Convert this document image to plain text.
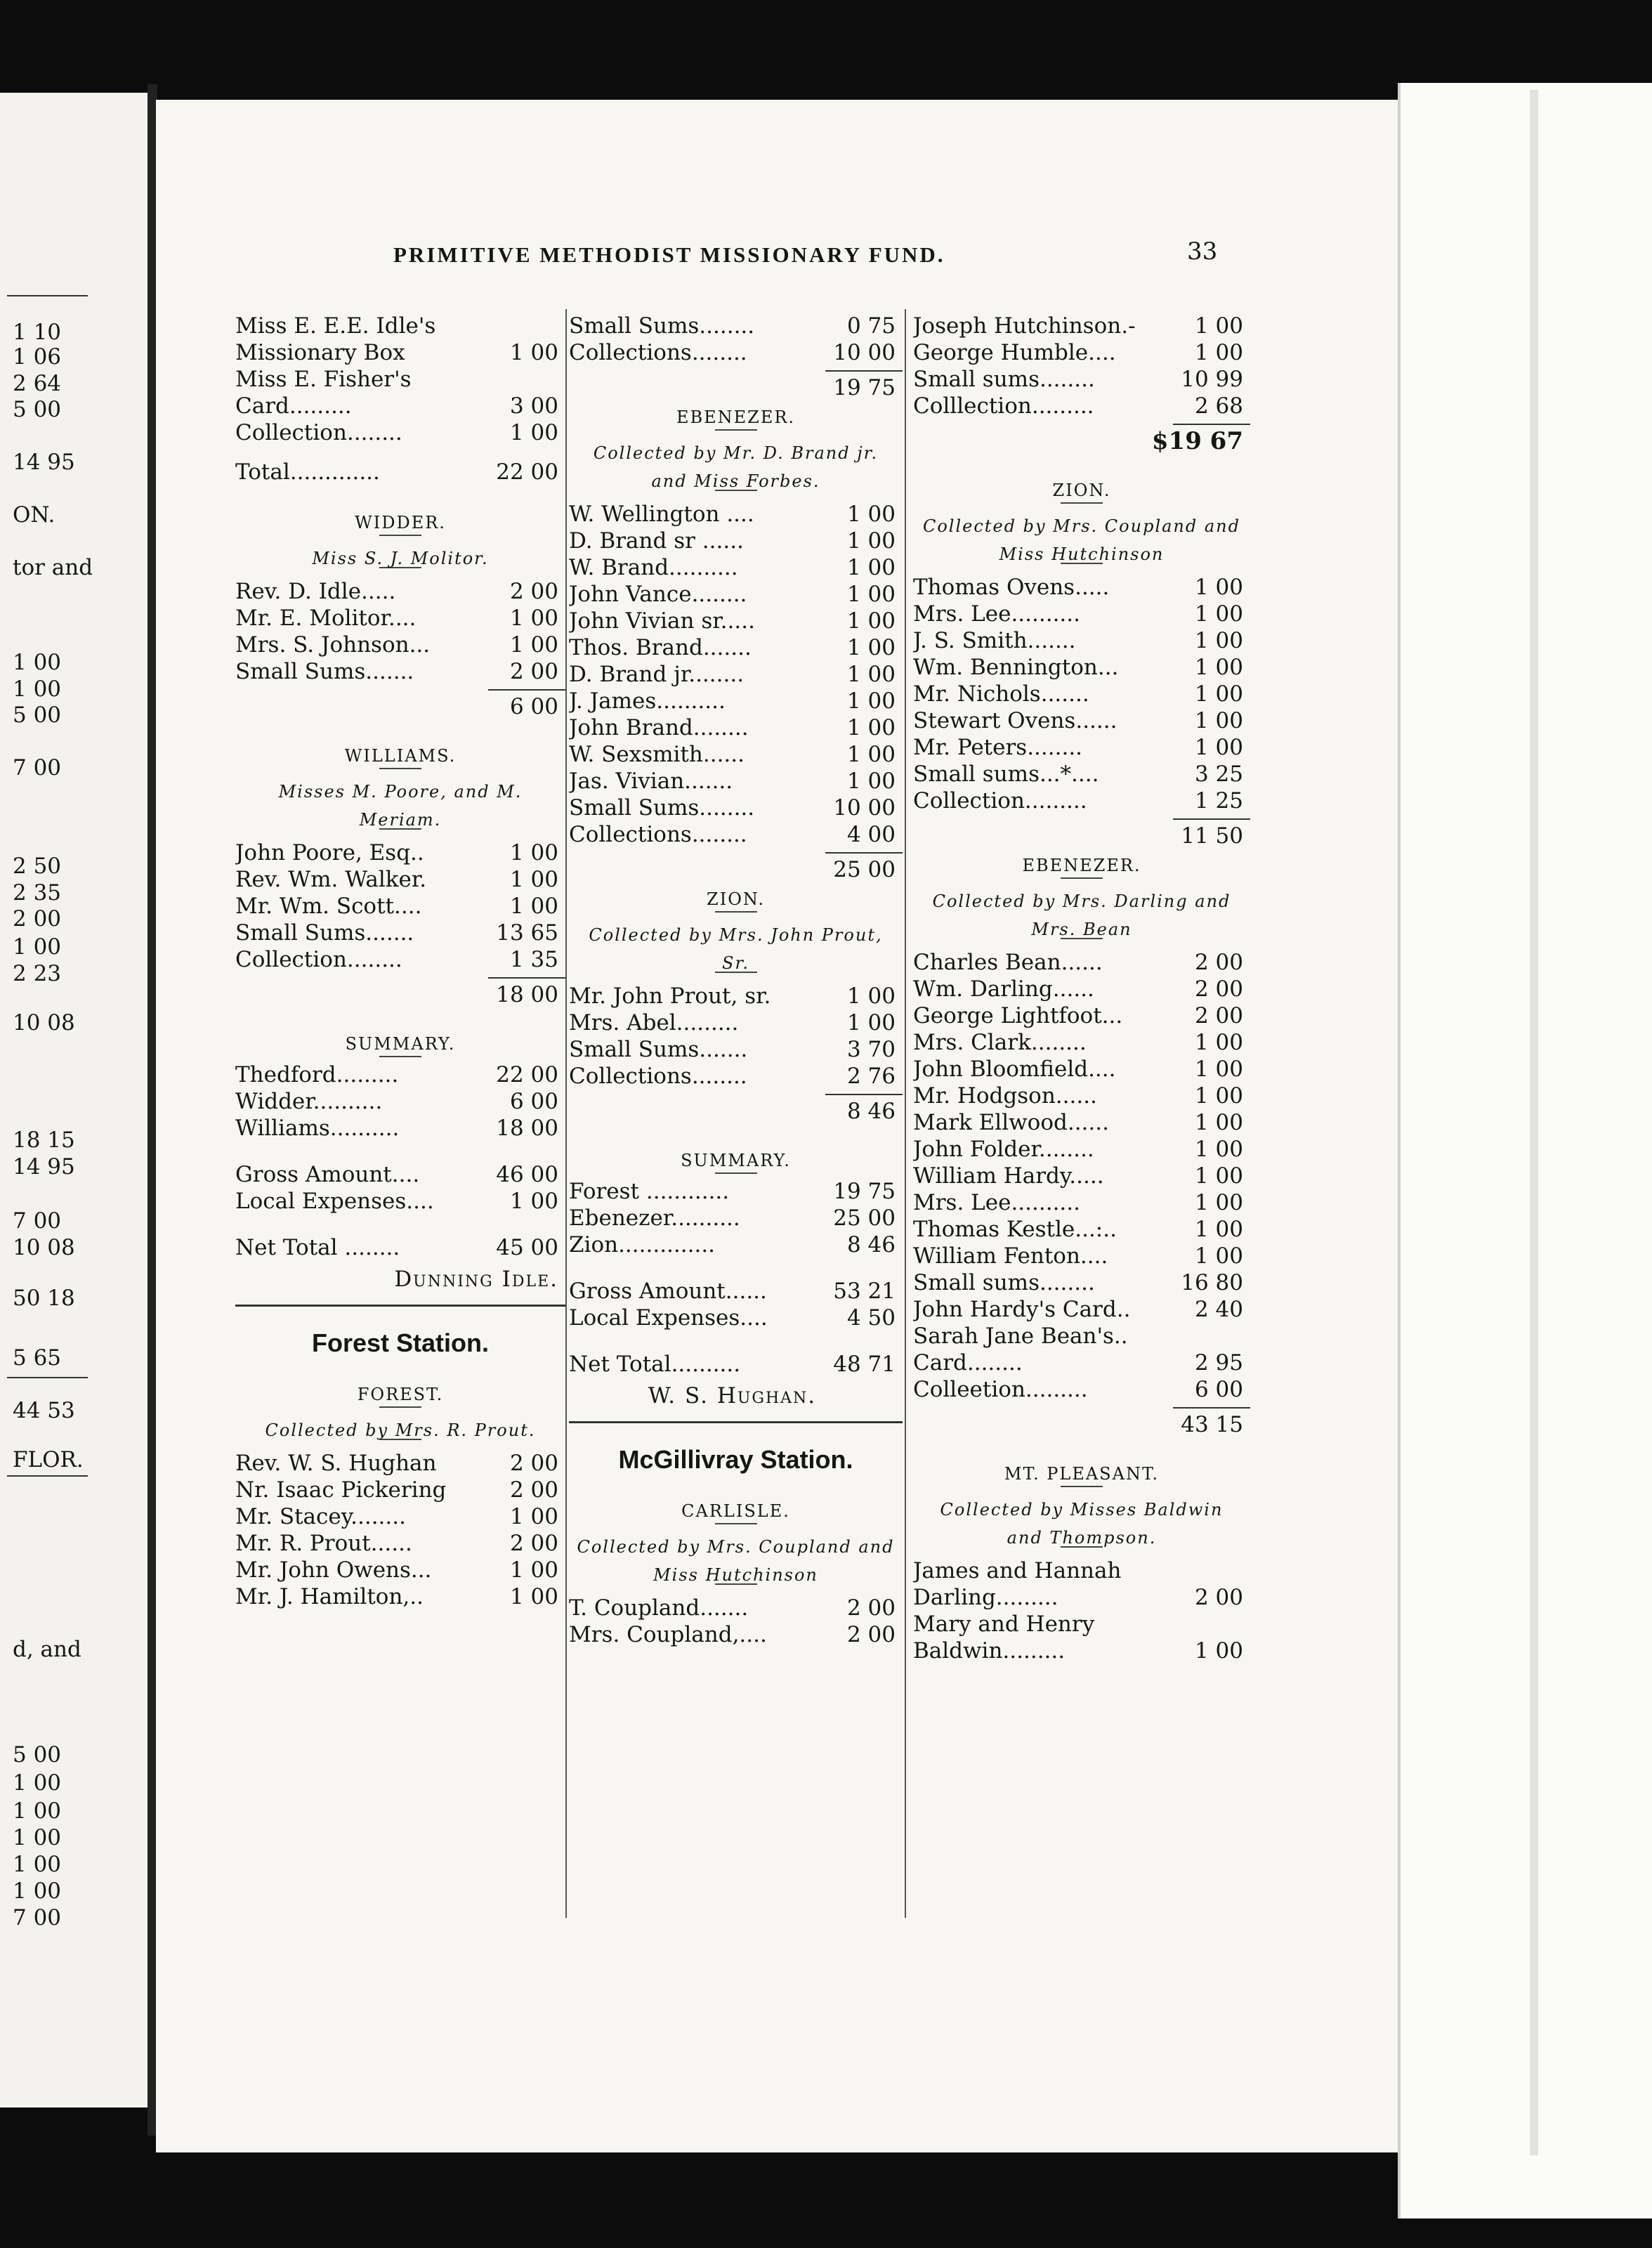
PRIMITIVE METHODIST MISSIONARY FUND.	33
1 10
1 06
2 64
5 00
14 95
ON.
tor and
1 00
1 00
5 00
7 00
2 50
2 35
2 00
1 00
2 23
10 08
18 15
14 95
7 00
10 08
50 18
5 65
44 53
FLOR.
d, and
5 00
1 00
1 00
1 00
1 00
1 00
7 00
Miss E. E.E. Idle's
Missionary Box	1 00
Miss E. Fisher's
Card.........	3 00
Collection........	1 00
Total.............	22 00
WIDDER.
Miss S. J. Molitor.
Rev. D. Idle.....	2 00
Mr. E. Molitor....	1 00
Mrs. S. Johnson...	1 00
Small Sums.......	2 00
6 00
WILLIAMS.
Misses M. Poore, and M. Meriam.
John Poore, Esq..	1 00
Rev. Wm. Walker.	1 00
Mr. Wm. Scott....	1 00
Small Sums.......	13 65
Collection........	1 35
18 00
SUMMARY.
Thedford.........	22 00
Widder..........	6 00
Williams..........	18 00
Gross Amount....	46 00
Local Expenses....	1 00
Net Total ........	45 00
Dunning Idle.
Forest Station.
FOREST.
Collected by Mrs. R. Prout.
Rev. W. S. Hughan	2 00
Nr. Isaac Pickering	2 00
Mr. Stacey........	1 00
Mr. R. Prout......	2 00
Mr. John Owens...	1 00
Mr. J. Hamilton,..	1 00
Small Sums........	0 75
Collections........	10 00
19 75
EBENEZER.
Collected by Mr. D. Brand jr. and Miss Forbes.
W. Wellington ....	1 00
D. Brand sr ......	1 00
W. Brand..........	1 00
John Vance........	1 00
John Vivian sr.....	1 00
Thos. Brand.......	1 00
D. Brand jr........	1 00
J. James..........	1 00
John Brand........	1 00
W. Sexsmith......	1 00
Jas. Vivian.......	1 00
Small Sums........	10 00
Collections........	4 00
25 00
ZION.
Collected by Mrs. John Prout, Sr.
Mr. John Prout, sr.	1 00
Mrs. Abel.........	1 00
Small Sums.......	3 70
Collections........	2 76
8 46
SUMMARY.
Forest ............	19 75
Ebenezer..........	25 00
Zion..............	8 46
Gross Amount......	53 21
Local Expenses....	4 50
Net Total..........	48 71
W. S. Hughan.
McGillivray Station.
CARLISLE.
Collected by Mrs. Coupland and Miss Hutchinson
T. Coupland.......	2 00
Mrs. Coupland,....	2 00
Joseph Hutchinson.-	1 00
George Humble....	1 00
Small sums........	10 99
Colllection.........	2 68
$19 67
ZION.
Collected by Mrs. Coupland and Miss Hutchinson
Thomas Ovens.....	1 00
Mrs. Lee..........	1 00
J. S. Smith.......	1 00
Wm. Bennington...	1 00
Mr. Nichols.......	1 00
Stewart Ovens......	1 00
Mr. Peters........	1 00
Small sums...*....	3 25
Collection.........	1 25
11 50
EBENEZER.
Collected by Mrs. Darling and Mrs. Bean
Charles Bean......	2 00
Wm. Darling......	2 00
George Lightfoot...	2 00
Mrs. Clark........	1 00
John Bloomfield....	1 00
Mr. Hodgson......	1 00
Mark Ellwood......	1 00
John Folder........	1 00
William Hardy.....	1 00
Mrs. Lee..........	1 00
Thomas Kestle...:..	1 00
William Fenton....	1 00
Small sums........	16 80
John Hardy's Card..	2 40
Sarah Jane Bean's..
Card........	2 95
Colleetion.........	6 00
43 15
MT. PLEASANT.
Collected by Misses Baldwin and Thompson.
James and Hannah
Darling.........	2 00
Mary and Henry
Baldwin.........	1 00
